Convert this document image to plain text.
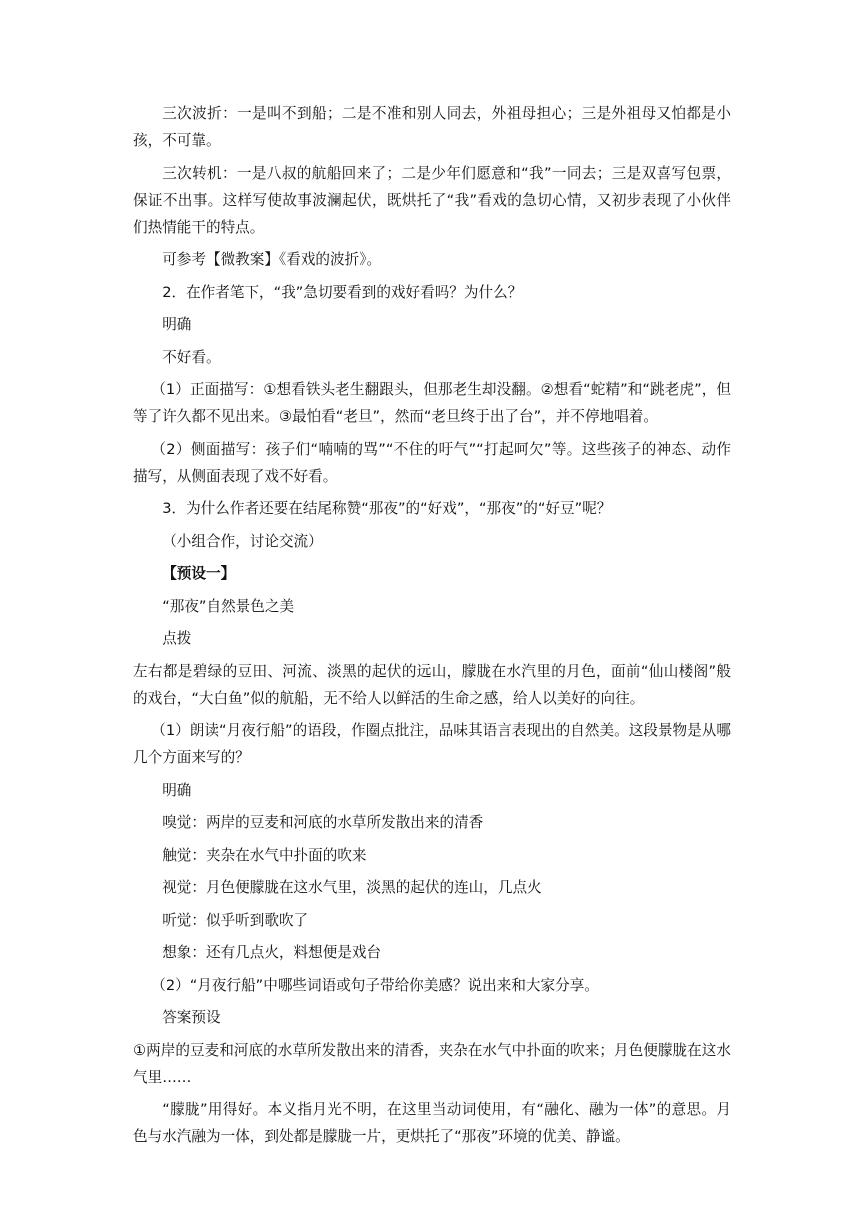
三次波折：一是叫不到船；二是不准和别人同去，外祖母担心；三是外祖母又怕都是小孩，不可靠。

三次转机：一是八叔的航船回来了；二是少年们愿意和“我”一同去；三是双喜写包票，保证不出事。这样写使故事波澜起伏，既烘托了“我”看戏的急切心情，又初步表现了小伙伴们热情能干的特点。

可参考【微教案】《看戏的波折》。

2．在作者笔下，“我”急切要看到的戏好看吗？为什么？

明确

不好看。

（1）正面描写：①想看铁头老生翻跟头，但那老生却没翻。②想看“蛇精”和“跳老虎”，但等了许久都不见出来。③最怕看“老旦”，然而“老旦终于出了台”，并不停地唱着。

（2）侧面描写：孩子们“喃喃的骂”“不住的吁气”“打起呵欠”等。这些孩子的神态、动作描写，从侧面表现了戏不好看。

3．为什么作者还要在结尾称赞“那夜”的“好戏”，“那夜”的“好豆”呢？

（小组合作，讨论交流）

【预设一】

“那夜”自然景色之美

点拨

左右都是碧绿的豆田、河流、淡黑的起伏的远山，朦胧在水汽里的月色，面前“仙山楼阁”般的戏台，“大白鱼”似的航船，无不给人以鲜活的生命之感，给人以美好的向往。

（1）朗读“月夜行船”的语段，作圈点批注，品味其语言表现出的自然美。这段景物是从哪几个方面来写的？

明确

嗅觉：两岸的豆麦和河底的水草所发散出来的清香

触觉：夹杂在水气中扑面的吹来

视觉：月色便朦胧在这水气里，淡黑的起伏的连山，几点火

听觉：似乎听到歌吹了

想象：还有几点火，料想便是戏台

（2）“月夜行船”中哪些词语或句子带给你美感？说出来和大家分享。

答案预设

①两岸的豆麦和河底的水草所发散出来的清香，夹杂在水气中扑面的吹来；月色便朦胧在这水气里……

“朦胧”用得好。本义指月光不明，在这里当动词使用，有“融化、融为一体”的意思。月色与水汽融为一体，到处都是朦胧一片，更烘托了“那夜”环境的优美、静谧。
